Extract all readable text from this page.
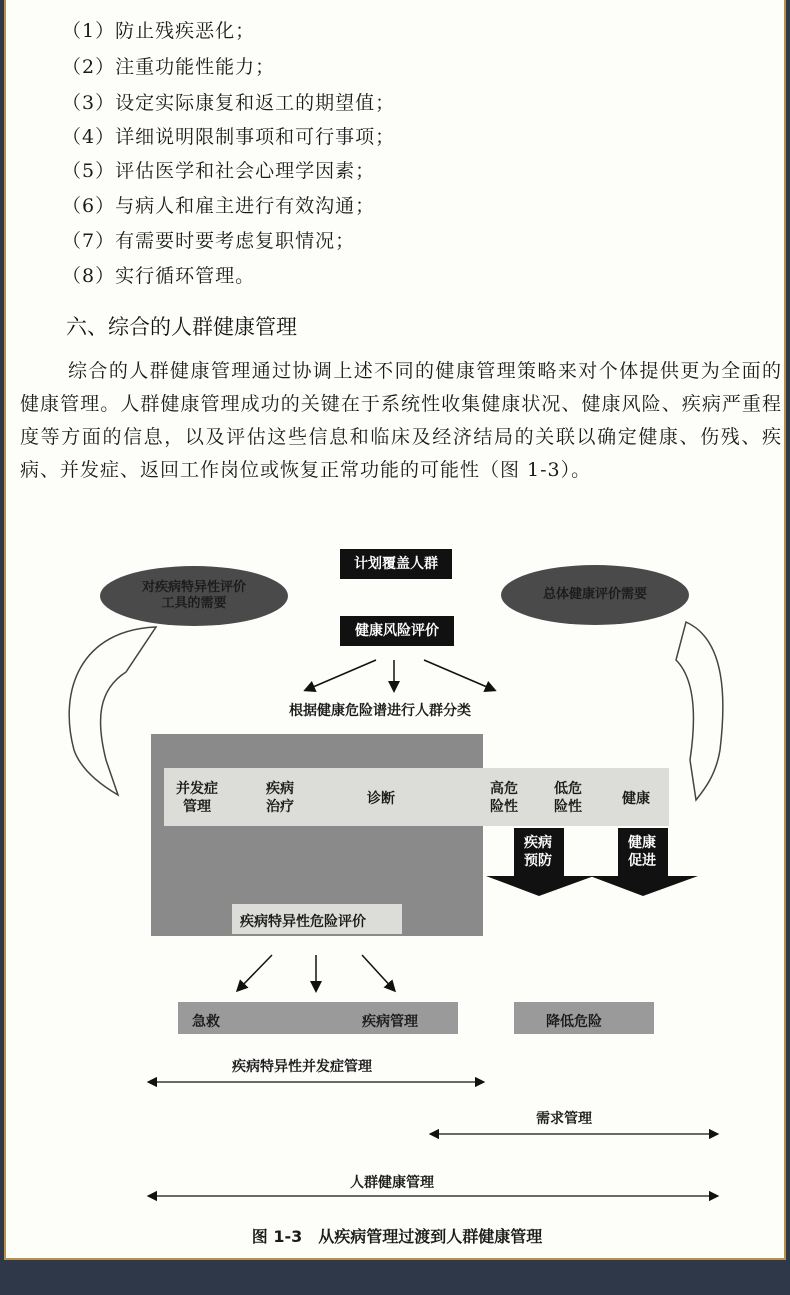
（1）防止残疾恶化；
（2）注重功能性能力；
（3）设定实际康复和返工的期望值；
（4）详细说明限制事项和可行事项；
（5）评估医学和社会心理学因素；
（6）与病人和雇主进行有效沟通；
（7）有需要时要考虑复职情况；
（8）实行循环管理。
六、综合的人群健康管理
综合的人群健康管理通过协调上述不同的健康管理策略来对个体提供更为全面的健康管理。人群健康管理成功的关键在于系统性收集健康状况、健康风险、疾病严重程度等方面的信息，以及评估这些信息和临床及经济结局的关联以确定健康、伤残、疾病、并发症、返回工作岗位或恢复正常功能的可能性（图 1-3）。
计划覆盖人群
健康风险评价
对疾病特异性评价
工具的需要
总体健康评价需要
根据健康危险谱进行人群分类
并发症
管理
疾病
治疗	诊断
高危
险性
低危
险性	健康
疾病
预防
健康
促进
疾病特异性危险评价
急救	疾病管理	降低危险
疾病特异性并发症管理
需求管理
人群健康管理
图 1-3　从疾病管理过渡到人群健康管理
